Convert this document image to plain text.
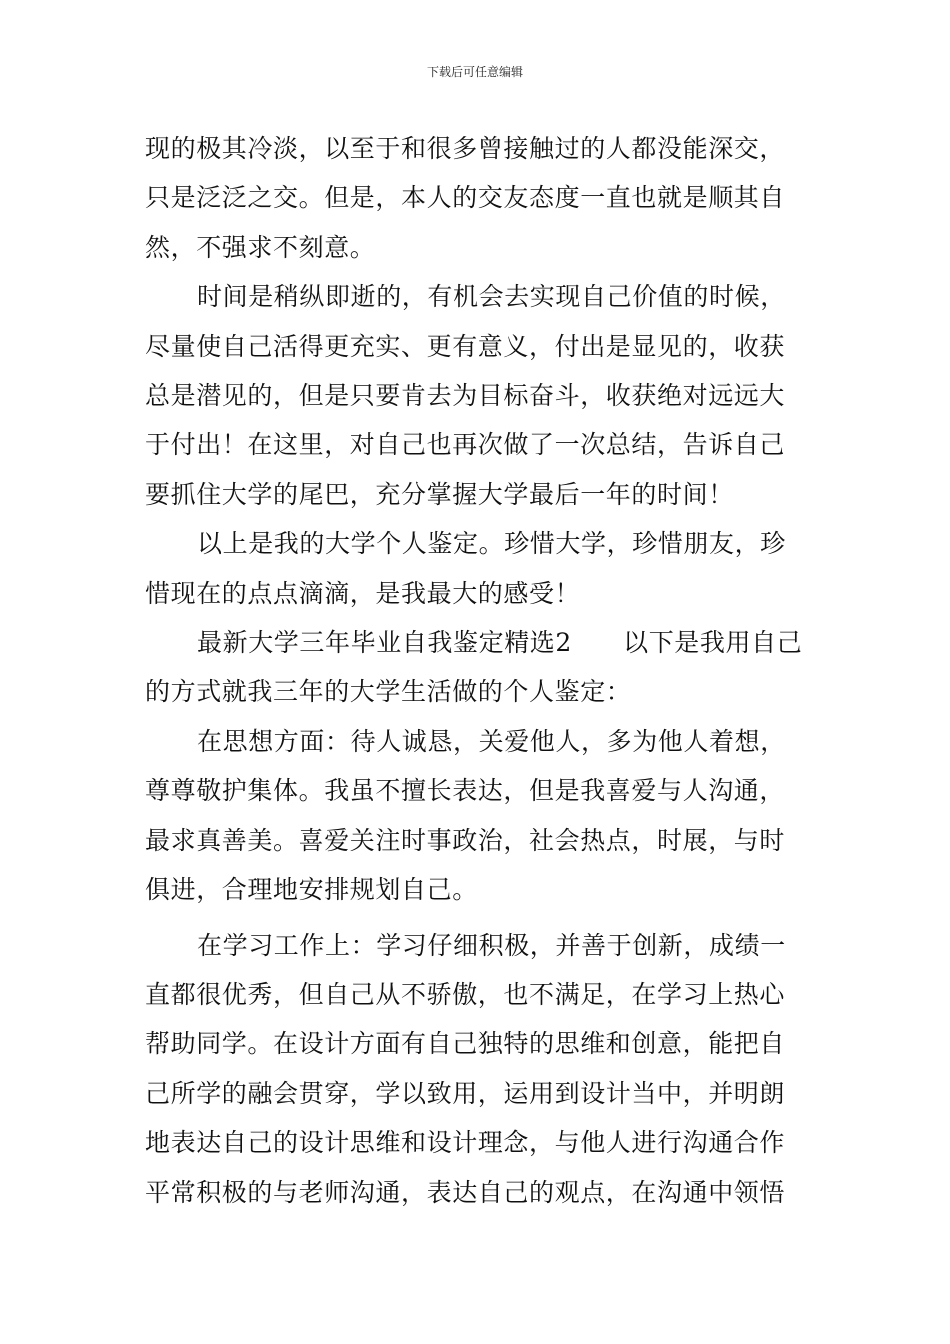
下载后可任意编辑

现的极其冷淡，以至于和很多曾接触过的人都没能深交，

只是泛泛之交。但是，本人的交友态度一直也就是顺其自

然，不强求不刻意。

时间是稍纵即逝的，有机会去实现自己价值的时候，

尽量使自己活得更充实、更有意义，付出是显见的，收获

总是潜见的，但是只要肯去为目标奋斗，收获绝对远远大

于付出！在这里，对自己也再次做了一次总结，告诉自己

要抓住大学的尾巴，充分掌握大学最后一年的时间！

以上是我的大学个人鉴定。珍惜大学，珍惜朋友，珍

惜现在的点点滴滴，是我最大的感受！

最新大学三年毕业自我鉴定精选2　　以下是我用自己

的方式就我三年的大学生活做的个人鉴定：

在思想方面：待人诚恳，关爱他人，多为他人着想，

尊尊敬护集体。我虽不擅长表达，但是我喜爱与人沟通，

最求真善美。喜爱关注时事政治，社会热点，时展，与时

俱进，合理地安排规划自己。

在学习工作上：学习仔细积极，并善于创新，成绩一

直都很优秀，但自己从不骄傲，也不满足，在学习上热心

帮助同学。在设计方面有自己独特的思维和创意，能把自

己所学的融会贯穿，学以致用，运用到设计当中，并明朗

地表达自己的设计思维和设计理念，与他人进行沟通合作

平常积极的与老师沟通，表达自己的观点，在沟通中领悟
